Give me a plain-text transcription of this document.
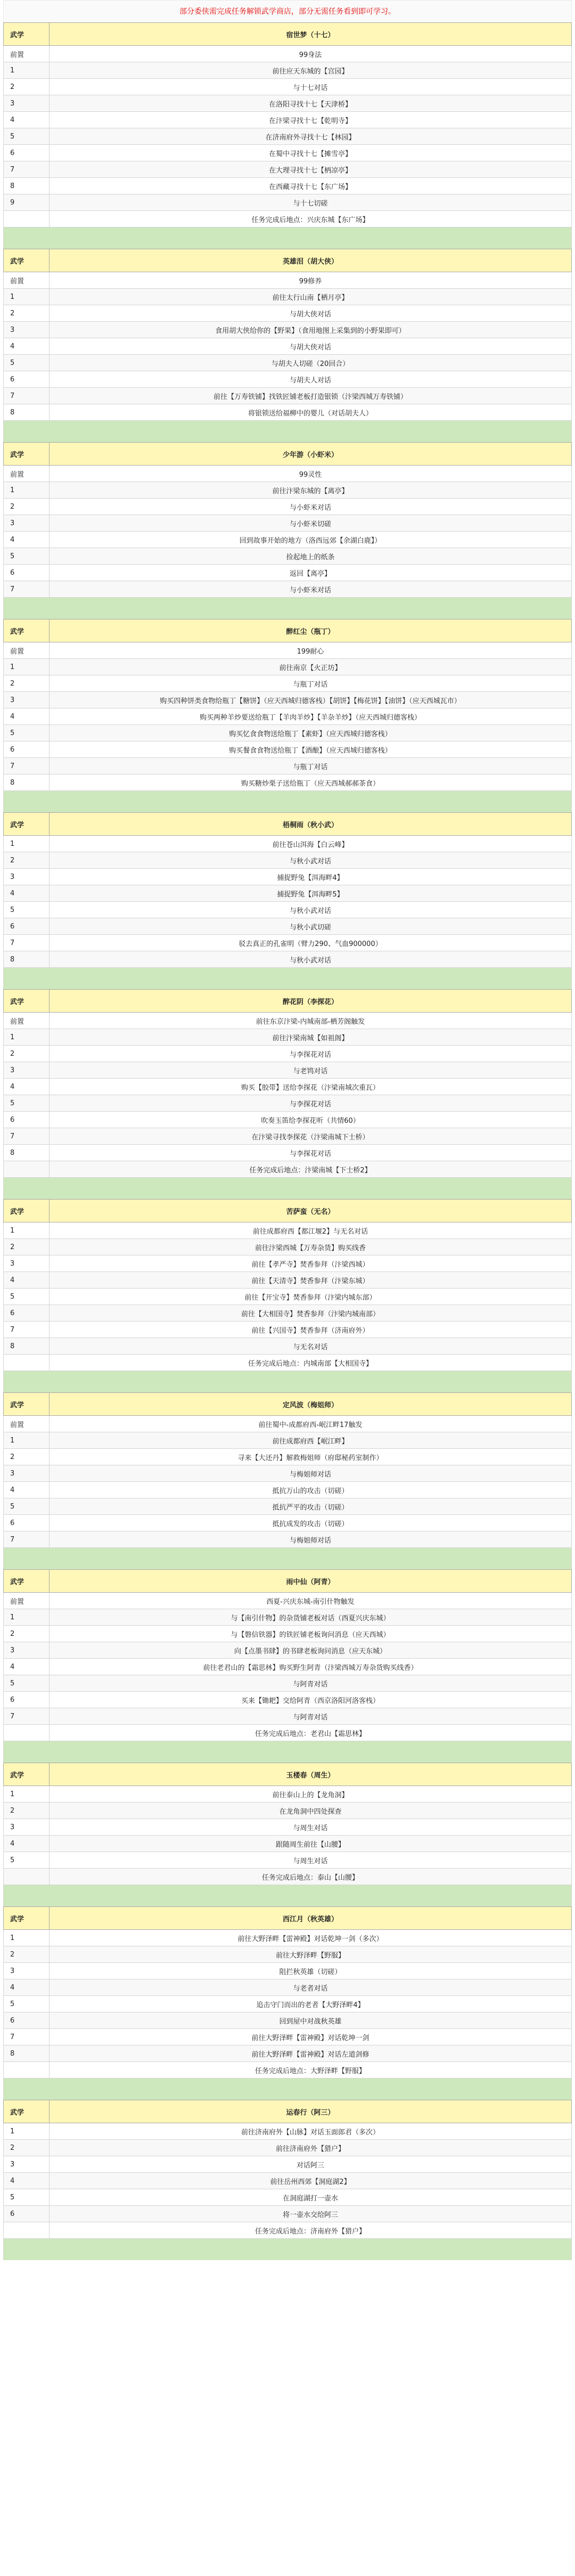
部分委侠需完成任务解锁武学商店，部分无需任务看到即可学习。
武学	宿世梦（十七）
前置	99身法
1	前往应天东城的【宫园】
2	与十七对话
3	在洛阳寻找十七【天津桥】
4	在汴梁寻找十七【乾明寺】
5	在济南府外寻找十七【林园】
6	在蜀中寻找十七【摊雪亭】
7	在大理寻找十七【柄凉亭】
8	在西藏寻找十七【东广场】
9	与十七切磋
	任务完成后地点：兴庆东城【东广场】
武学	英雄泪（胡大侠）
前置	99修养
1	前往太行山南【栖月亭】
2	与胡大侠对话
3	食用胡大侠给你的【野果】（食用地图上采集到的小野果即可）
4	与胡大侠对话
5	与胡夫人切磋（20回合）
6	与胡夫人对话
7	前往【万寿铁铺】找铁匠铺老板打造银锁（汴梁西城万寿铁铺）
8	将银锁送给福柳中的婴儿（对话胡夫人）
武学	少年游（小虾米）
前置	99灵性
1	前往汴梁东城的【离亭】
2	与小虾米对话
3	与小虾米切磋
4	回到故事开始的地方（洛西远郊【余湖白鹿】）
5	捡起地上的纸条
6	返回【离亭】
7	与小虾米对话
武学	醉红尘（瓶丁）
前置	199耐心
1	前往南京【火正坊】
2	与瓶丁对话
3	购买四种饼类食物给瓶丁【糖饼】（应天西城归德客栈）【胡饼】【梅花饼】【油饼】（应天西城瓦市）
4	购买两种羊炒要送给瓶丁【羊肉羊炒】【羊杂羊炒】（应天西城归德客栈）
5	购买忆食食物送给瓶丁【素虾】（应天西城归德客栈）
6	购买餐食食物送给瓶丁【酒酿】（应天西城归德客栈）
7	与瓶丁对话
8	购买糖炒栗子送给瓶丁（应天西城郝郝茶食）
武学	梧桐雨（秋小武）
1	前往苍山洱海【白云峰】
2	与秋小武对话
3	捕捉野兔【洱海畔4】
4	捕捉野兔【洱海畔5】
5	与秋小武对话
6	与秋小武切磋
7	驳去真正的孔雀明（臂力290、气血900000）
8	与秋小武对话
武学	醉花阴（李探花）
前置	前往东京汴梁-内城南部-栖芳阁触发
1	前往汴梁南城【如祖阁】
2	与李探花对话
3	与老鸨对话
4	购买【胶带】送给李探花（汴梁南城次重瓦）
5	与李探花对话
6	吹奏玉笛给李探花听（共情60）
7	在汴梁寻找李探花（汴梁南城下士桥）
8	与李探花对话
	任务完成后地点：汴梁南城【下士桥2】
武学	苦萨蛮（无名）
1	前往成都府西【都江堰2】与无名对话
2	前往汴梁西城【万寿杂货】购买线香
3	前往【孝严寺】焚香参拜（汴梁西城）
4	前往【天清寺】焚香参拜（汴梁东城）
5	前往【开宝寺】焚香参拜（汴梁内城东部）
6	前往【大相国寺】焚香参拜（汴梁内城南部）
7	前往【兴国寺】焚香参拜（济南府外）
8	与无名对话
	任务完成后地点：内城南部【大相国寺】
武学	定风波（梅姐师）
前置	前往蜀中-成都府西-岷江畔17触发
1	前往成都府西【岷江畔】
2	寻来【大还丹】解救梅姐师（府邸秘药室制作）
3	与梅姐师对话
4	抵抗万山的攻击（切磋）
5	抵抗严平的攻击（切磋）
6	抵抗成发的攻击（切磋）
7	与梅姐师对话
武学	雨中仙（阿青）
前置	西夏-兴庆东城-南引什物触发
1	与【南引什物】的杂货铺老板对话（西夏兴庆东城）
2	与【磐信铁器】的铁匠铺老板询问消息（应天西城）
3	向【点墨书肆】的书肆老板询问消息（应天东城）
4	前往老君山的【霜思林】购买野生阿青（汴梁西城万寿杂货购买线香）
5	与阿青对话
6	买来【锄耙】交给阿青（西京洛阳河洛客栈）
7	与阿青对话
	任务完成后地点：老君山【霜思林】
武学	玉楼春（周生）
1	前往泰山上的【龙角洞】
2	在龙角洞中四处探查
3	与周生对话
4	跟随周生前往【山腰】
5	与周生对话
	任务完成后地点：泰山【山腰】
武学	西江月（秋英雄）
1	前往大野泽畔【雷神殿】对话乾坤一剑（多次）
2	前往大野泽畔【野服】
3	阻拦秋英雄（切磋）
4	与老者对话
5	追击守门而出的老者【大野泽畔4】
6	回到屋中对战秋英雄
7	前往大野泽畔【雷神殿】对话乾坤一剑
8	前往大野泽畔【雷神殿】对话左道剑修
	任务完成后地点：大野泽畔【野服】
武学	运春行（阿三）
1	前往济南府外【山脉】对话玉面郎君（多次）
2	前往济南府外【猎户】
3	对话阿三
4	前往岳州西郊【洞庭湖2】
5	在洞庭湖打一壶水
6	将一壶水交给阿三
	任务完成后地点：济南府外【猎户】
